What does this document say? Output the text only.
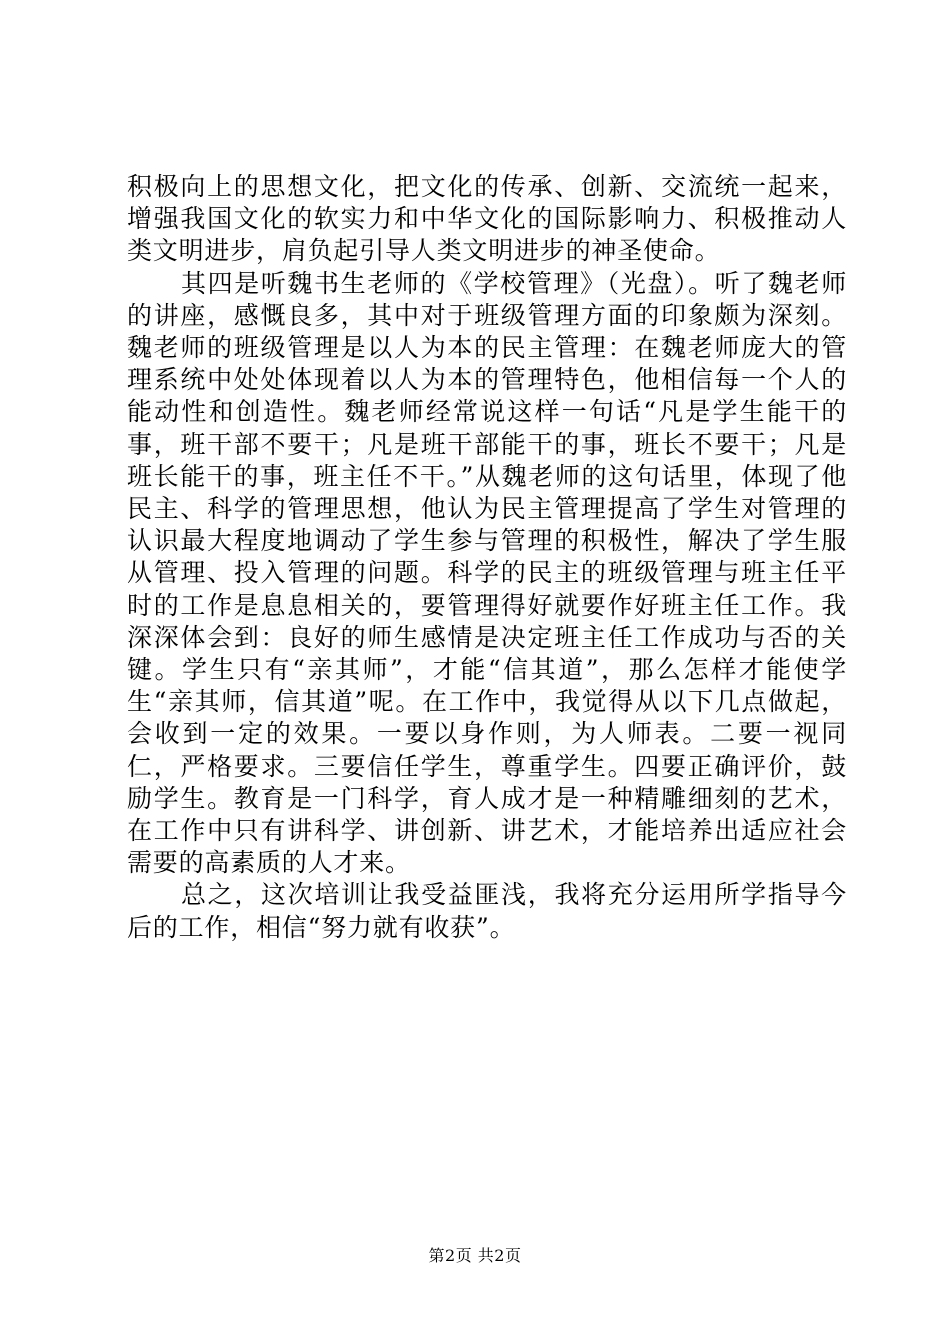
积极向上的思想文化，把文化的传承、创新、交流统一起来，增强我国文化的软实力和中华文化的国际影响力、积极推动人类文明进步，肩负起引导人类文明进步的神圣使命。

其四是听魏书生老师的《学校管理》（光盘）。听了魏老师的讲座，感慨良多，其中对于班级管理方面的印象颇为深刻。魏老师的班级管理是以人为本的民主管理：在魏老师庞大的管理系统中处处体现着以人为本的管理特色，他相信每一个人的能动性和创造性。魏老师经常说这样一句话“凡是学生能干的事，班干部不要干；凡是班干部能干的事，班长不要干；凡是班长能干的事，班主任不干。”从魏老师的这句话里，体现了他民主、科学的管理思想，他认为民主管理提高了学生对管理的认识最大程度地调动了学生参与管理的积极性，解决了学生服从管理、投入管理的问题。科学的民主的班级管理与班主任平时的工作是息息相关的，要管理得好就要作好班主任工作。我深深体会到：良好的师生感情是决定班主任工作成功与否的关键。学生只有“亲其师”，才能“信其道”，那么怎样才能使学生“亲其师，信其道”呢。在工作中，我觉得从以下几点做起，会收到一定的效果。一要以身作则，为人师表。二要一视同仁，严格要求。三要信任学生，尊重学生。四要正确评价，鼓励学生。教育是一门科学，育人成才是一种精雕细刻的艺术，在工作中只有讲科学、讲创新、讲艺术，才能培养出适应社会需要的高素质的人才来。

总之，这次培训让我受益匪浅，我将充分运用所学指导今后的工作，相信“努力就有收获”。

第2页 共2页
